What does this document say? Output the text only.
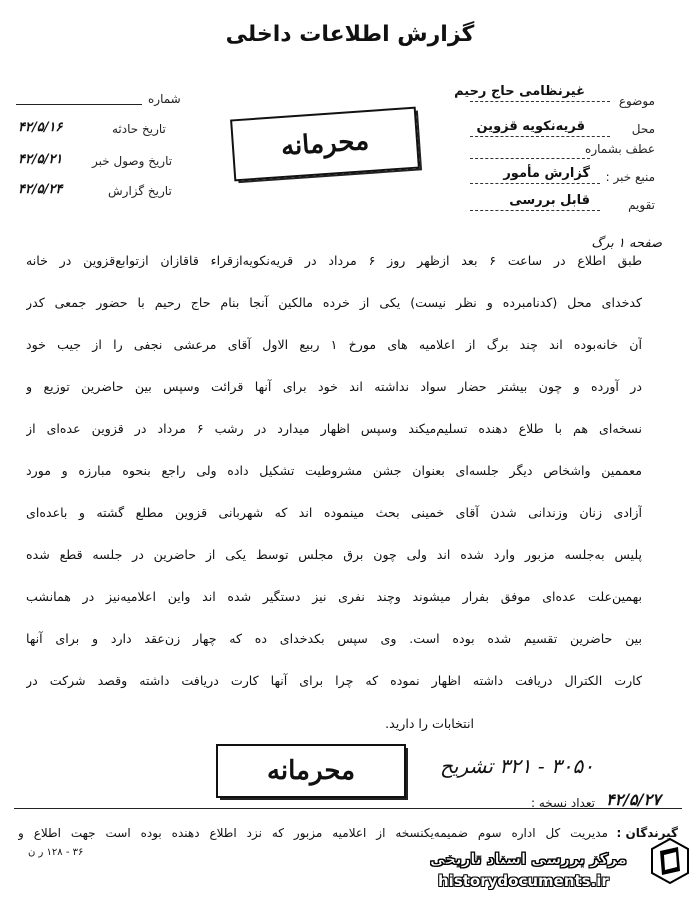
گزارش اطلاعات داخلی
موضوع
غیرنظامی حاج رحیم
محل
قریه‌نکویه قزوین
عطف بشماره
منبع خبر :
گزارش مأمور
تقویم
قابل بررسی
شماره
تاریخ حادثه
۴۲/۵/۱۶
تاریخ وصول خبر
۴۲/۵/۲۱
تاریخ گزارش
۴۲/۵/۲۴
محرمانه
صفحه ۱ برگ
طبق اطلاع در ساعت ۶ بعد ازظهر روز ۶ مرداد در قریه‌نکویه‌ازقراء قاقازان ازتوابع‌قزوین در خانه
کدخدای محل (کدنامبرده و نظر نیست) یکی از خرده مالکین آنجا بنام حاج رحیم با حضور جمعی کدر
آن خانه‌بوده اند چند برگ از اعلامیه های مورخ ۱ ربیع الاول آقای مرعشی نجفی را از جیب خود
در آورده و چون بیشتر حضار سواد نداشته اند خود برای آنها قرائت وسپس بین حاضرین توزیع و
نسخه‌ای هم با طلاع دهنده تسلیم‌میکند وسپس اظهار میدارد در رشب ۶ مرداد در قزوین عده‌ای از
معممین واشخاص دیگر جلسه‌ای بعنوان جشن مشروطیت تشکیل داده ولی راجع بنحوه مبارزه و مورد
آزادی زنان وزندانی شدن آقای خمینی بحث مینموده اند که شهربانی قزوین مطلع گشته و باعده‌ای
پلیس به‌جلسه‌ مزبور وارد شده اند ولی چون برق مجلس توسط یکی از حاضرین در جلسه قطع شده
بهمین‌علت عده‌ای موفق بفرار میشوند وچند نفری نیز دستگیر شده اند واین اعلامیه‌نیز در همانشب
بین حاضرین تقسیم شده بوده است. وی سپس بکدخدای ده که چهار زن‌عقد دارد و برای آنها
کارت الکترال دریافت داشته اظهار نموده که چرا برای آنها کارت دریافت داشته‌ وقصد شرکت در
انتخابات را دارید.
محرمانه	۳۰۵۰ - ۳۲۱ تشریح
۴۲/۵/۲۷
تعداد نسخه :
گیرندگان :
مدیریت کل اداره سوم ضمیمه‌یکنسخه‌ از اعلامیه‌ مزبور که نزد اطلاع دهنده بوده است جهت اطلاع و
۳۶ - ۱۲۸ ر ن	مرکز بررسی اسناد تاریخی
historydocuments.ir
